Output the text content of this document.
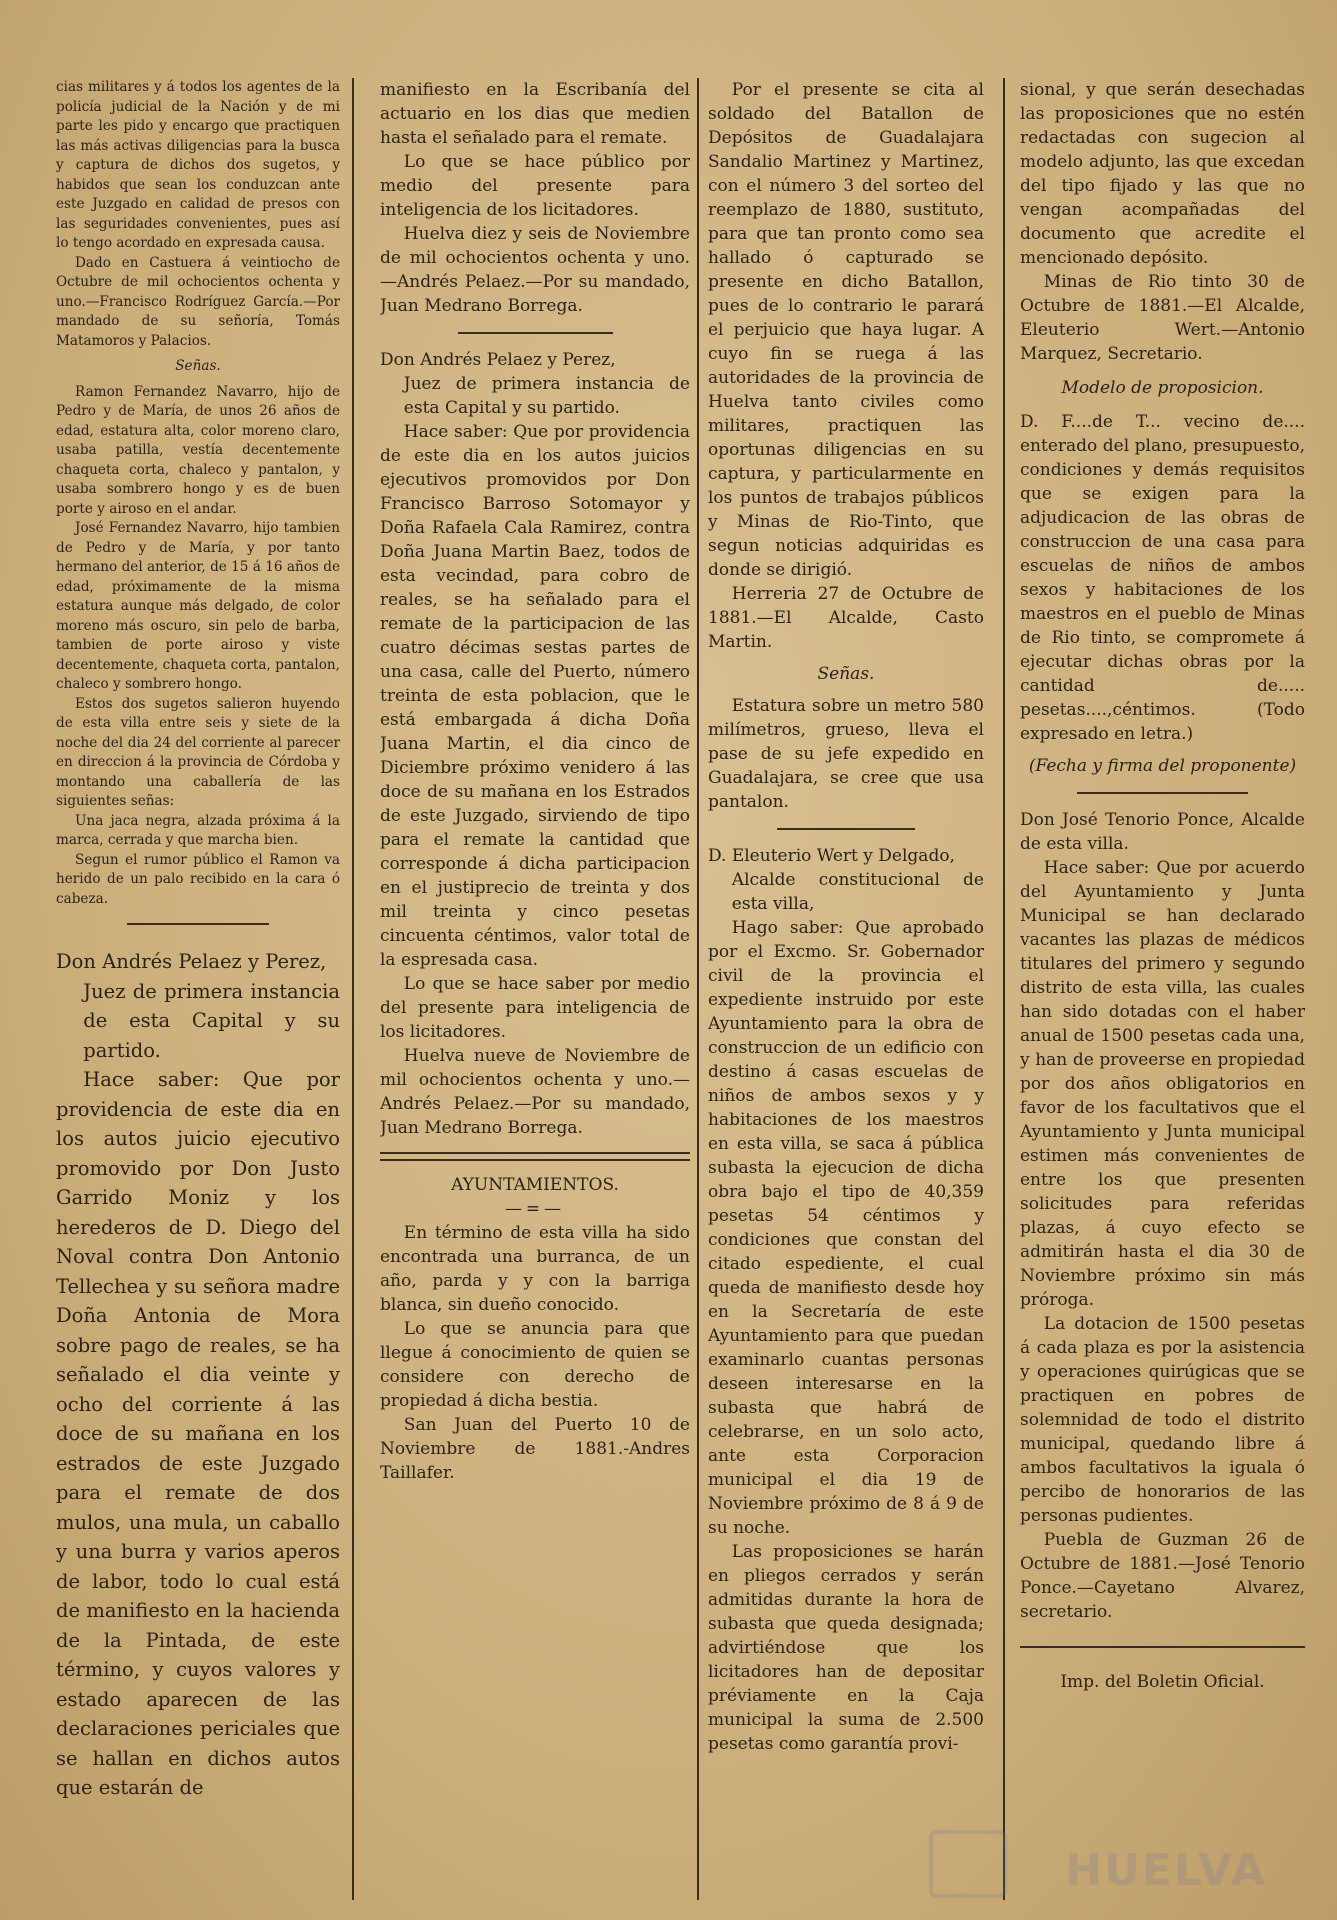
cias militares y á todos los agentes de la policía judicial de la Nación y de mi parte les pido y encargo que practiquen las más activas diligencias para la busca y captura de dichos dos sugetos, y habidos que sean los conduzcan ante este Juzgado en calidad de presos con las seguridades convenientes, pues así lo tengo acordado en expresada causa.

Dado en Castuera á veintiocho de Octubre de mil ochocientos ochenta y uno.—Francisco Rodríguez García.—Por mandado de su señoría, Tomás Matamoros y Palacios.

Señas.

Ramon Fernandez Navarro, hijo de Pedro y de María, de unos 26 años de edad, estatura alta, color moreno claro, usaba patilla, vestía decentemente chaqueta corta, chaleco y pantalon, y usaba sombrero hongo y es de buen porte y airoso en el andar.

José Fernandez Navarro, hijo tambien de Pedro y de María, y por tanto hermano del anterior, de 15 á 16 años de edad, próximamente de la misma estatura aunque más delgado, de color moreno más oscuro, sin pelo de barba, tambien de porte airoso y viste decentemente, chaqueta corta, pantalon, chaleco y sombrero hongo.

Estos dos sugetos salieron huyendo de esta villa entre seis y siete de la noche del dia 24 del corriente al parecer en direccion á la provincia de Córdoba y montando una caballería de las siguientes señas:

Una jaca negra, alzada próxima á la marca, cerrada y que marcha bien.

Segun el rumor público el Ramon va herido de un palo recibido en la cara ó cabeza.

Don Andrés Pelaez y Perez,

Juez de primera instancia de esta Capital y su partido.

Hace saber: Que por providencia de este dia en los autos juicio ejecutivo promovido por Don Justo Garrido Moniz y los herederos de D. Diego del Noval contra Don Antonio Tellechea y su señora madre Doña Antonia de Mora sobre pago de reales, se ha señalado el dia veinte y ocho del corriente á las doce de su mañana en los estrados de este Juzgado para el remate de dos mulos, una mula, un caballo y una burra y varios aperos de labor, todo lo cual está de manifiesto en la hacienda de la Pintada, de este término, y cuyos valores y estado aparecen de las declaraciones periciales que se hallan en dichos autos que estarán de

manifiesto en la Escribanía del actuario en los dias que medien hasta el señalado para el remate.

Lo que se hace público por medio del presente para inteligencia de los licitadores.

Huelva diez y seis de Noviembre de mil ochocientos ochenta y uno.—Andrés Pelaez.—Por su mandado, Juan Medrano Borrega.

Don Andrés Pelaez y Perez,

Juez de primera instancia de esta Capital y su partido.

Hace saber: Que por providencia de este dia en los autos juicios ejecutivos promovidos por Don Francisco Barroso Sotomayor y Doña Rafaela Cala Ramirez, contra Doña Juana Martin Baez, todos de esta vecindad, para cobro de reales, se ha señalado para el remate de la participacion de las cuatro décimas sestas partes de una casa, calle del Puerto, número treinta de esta poblacion, que le está embargada á dicha Doña Juana Martin, el dia cinco de Diciembre próximo venidero á las doce de su mañana en los Estrados de este Juzgado, sirviendo de tipo para el remate la cantidad que corresponde á dicha participacion en el justiprecio de treinta y dos mil treinta y cinco pesetas cincuenta céntimos, valor total de la espresada casa.

Lo que se hace saber por medio del presente para inteligencia de los licitadores.

Huelva nueve de Noviembre de mil ochocientos ochenta y uno.—Andrés Pelaez.—Por su mandado, Juan Medrano Borrega.

AYUNTAMIENTOS.

—=—

En término de esta villa ha sido encontrada una burranca, de un año, parda y y con la barriga blanca, sin dueño conocido.

Lo que se anuncia para que llegue á conocimiento de quien se considere con derecho de propiedad á dicha bestia.

San Juan del Puerto 10 de Noviembre de 1881.-Andres Taillafer.

Por el presente se cita al soldado del Batallon de Depósitos de Guadalajara Sandalio Martinez y Martinez, con el número 3 del sorteo del reemplazo de 1880, sustituto, para que tan pronto como sea hallado ó capturado se presente en dicho Batallon, pues de lo contrario le parará el perjuicio que haya lugar. A cuyo fin se ruega á las autoridades de la provincia de Huelva tanto civiles como militares, practiquen las oportunas diligencias en su captura, y particularmente en los puntos de trabajos públicos y Minas de Rio-Tinto, que segun noticias adquiridas es donde se dirigió.

Herreria 27 de Octubre de 1881.—El Alcalde, Casto Martin.

Señas.

Estatura sobre un metro 580 milímetros, grueso, lleva el pase de su jefe expedido en Guadalajara, se cree que usa pantalon.

D. Eleuterio Wert y Delgado,

Alcalde constitucional de esta villa,

Hago saber: Que aprobado por el Excmo. Sr. Gobernador civil de la provincia el expediente instruido por este Ayuntamiento para la obra de construccion de un edificio con destino á casas escuelas de niños de ambos sexos y y habitaciones de los maestros en esta villa, se saca á pública subasta la ejecucion de dicha obra bajo el tipo de 40,359 pesetas 54 céntimos y condiciones que constan del citado espediente, el cual queda de manifiesto desde hoy en la Secretaría de este Ayuntamiento para que puedan examinarlo cuantas personas deseen interesarse en la subasta que habrá de celebrarse, en un solo acto, ante esta Corporacion municipal el dia 19 de Noviembre próximo de 8 á 9 de su noche.

Las proposiciones se harán en pliegos cerrados y serán admitidas durante la hora de subasta que queda designada; advirtiéndose que los licitadores han de depositar préviamente en la Caja municipal la suma de 2.500 pesetas como garantía provi-

sional, y que serán desechadas las proposiciones que no estén redactadas con sugecion al modelo adjunto, las que excedan del tipo fijado y las que no vengan acompañadas del documento que acredite el mencionado depósito.

Minas de Rio tinto 30 de Octubre de 1881.—El Alcalde, Eleuterio Wert.—Antonio Marquez, Secretario.

Modelo de proposicion.

D. F....de T... vecino de.... enterado del plano, presupuesto, condiciones y demás requisitos que se exigen para la adjudicacion de las obras de construccion de una casa para escuelas de niños de ambos sexos y habitaciones de los maestros en el pueblo de Minas de Rio tinto, se compromete á ejecutar dichas obras por la cantidad de..... pesetas....,céntimos. (Todo expresado en letra.)

(Fecha y firma del proponente)

Don José Tenorio Ponce, Alcalde de esta villa.

Hace saber: Que por acuerdo del Ayuntamiento y Junta Municipal se han declarado vacantes las plazas de médicos titulares del primero y segundo distrito de esta villa, las cuales han sido dotadas con el haber anual de 1500 pesetas cada una, y han de proveerse en propiedad por dos años obligatorios en favor de los facultativos que el Ayuntamiento y Junta municipal estimen más convenientes de entre los que presenten solicitudes para referidas plazas, á cuyo efecto se admitirán hasta el dia 30 de Noviembre próximo sin más prórogа.

La dotacion de 1500 pesetas á cada plaza es por la asistencia y operaciones quirúgicas que se practiquen en pobres de solemnidad de todo el distrito municipal, quedando libre á ambos facultativos la iguala ó percibo de honorarios de las personas pudientes.

Puebla de Guzman 26 de Octubre de 1881.—José Tenorio Ponce.—Cayetano Alvarez, secretario.

Imp. del Boletin Oficial.

HUELVA
